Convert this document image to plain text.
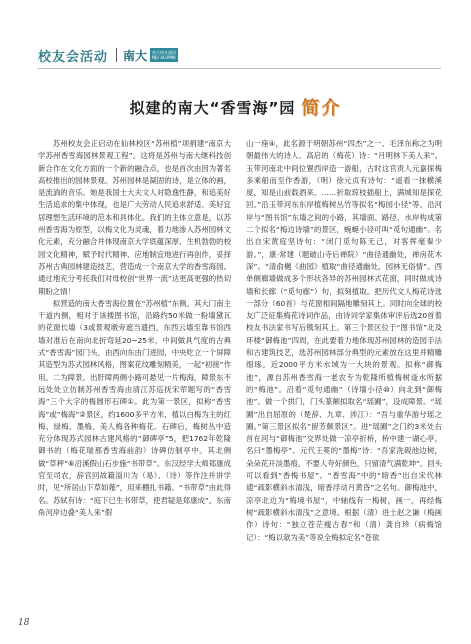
校友会活动 南大 南大校友通讯
NJU ALUMNI
拟建的南大“香雪海”园 简介

苏州校友会正启动在仙林校区“苏州植”项捐建“南京大学苏州香雪海园林景观工程”。这将是苏州与南大继科技创新合作在文化方面的一个新的融合点，也是首次由因为著名高校推出的园林景观。苏州园林是凝固的诗，是立体的画，是流淌的音乐。她是我国士大夫文人对隐逸性静，和追美好生活追求的集中体现，也是广大劳动人民追求舒适、美好宜居理想生活环境的范本和具体化。我们的主体立意是，以苏州香雪海为原型，以梅文化为灵魂，着力地渗入苏州园林文化元素，充分融合并体现南京大学底蕴深厚、生机勃勃的校园文化精神，赋予时代精神、应地制宜地进行再创作，妥择苏州古典园林建造技艺，营造成一个南京大学的香雪海园。通过地充分考托我们对母校创“世界一流”达更高更强的热切期盼之情！

拟营造的南大香雪海位置在“苏州植”东侧。其大门南主干道内侧，相对于该楼图书馆，沿路约50米做一粉墙黛瓦的花窗长墙（3或景观墩旁遮当遗挡，东西云墙至靠书馆西墙对准后在南向北折弯延20~25米，中间做具气度的古典式“香雪海”园门头，由西向东由门进园，中央吃立一个屏障其造型为苏式园林风格，图案花纹雕刻精美，一起“初接”作用。二为障景。出肝障两侧小路可悬见一片梅海，障景东不远处处立仿制苏州香雪海由清江苏巡抚宋荦题写的“香雪海”三个大字的梅圆形石碑①。此为第一景区，拟称“香雪海”或“梅海”②景区，约1600多平方米，植以白梅为主的红梅、绿梅、墨梅、美人梅各种梅花。石碑后，梅树丛中造 充分体现苏式园林古建风格的“御碑亭”5，把1762年乾隆御书的（梅花瑞那香雪海前韵）诗碑仿制亭中。其北侧做“草秤”⑥沿溪假山石步施“书带草”。东汉经学大师郑康成官至司农，辞官回故籍淄川为（易）、（诗）等作注并讲学时，见“所居山下草如薤”，用来棚扎书籍。“书带草”由此得名。苏轼有诗：“庭下已生书带草，使君疑是郑康成”。东南角河岸边叠“美人来”假

山一座④，此名源于明朝苏州“四杰”之一、毛泽东称之为明朝最伟大的诗人、高启的（梅花）诗：“月明林下美人来”。玉带河南北中间位置西岸造一游船，古时这官责人元嘉探梅多乘船而至作香游，（明）徐元贞有诗句：“遥看一抹横溪度，知是山前载酒来。……折取琼枝插船上，满城知是探花回。”沿玉带河东东岸植梅树丛竹等拟名“梅园小径”等。沿河岸与“图书馆”东墙之间的小路，其墙面、路径、水岸构成第二个拟名“梅边诗墙”的景区，蜿蜒小径可叫“觅句通幽”。名出自宋黄庭坚诗句：“闭门觅句陈无己，对客挥毫秦少游。”，康·常建（题破山寺后禅院）“曲径通幽处，禅房花木深”。“清俞樾《曲园》植取“曲径通幽处，园林无俗情”。西单侧廊墙做成多个形状各异的苏州园林式花窗，同时做成诗墙和长廊（“觅句廊”）句，拟刻植取。把历代文人梅花诗选一部分（60首）与花窗相间隔地雕刻其上。同时向全球的校友广泛征集梅花诗词作品，由诗词学家集体审评后选20首着校友书法家书写后镌刻其上。第三个景区位于“图书馆”北及环楼“御梅池”四周，在此要着力地体现苏州园林的造园手法和古建筑技艺，选苏州园林部分典型的元素放在这里并精雕细琢。近2000平方米水域为一大块的景观。拟称“御梅池”，源自苏州香雪海一老农专为乾隆所植梅树逢水所据的“梅池”。沿着“觅句通幽”（诗墙小径⑩）向北到“御梅池”。做一个拱门，门头篆额拟取名“瑶圃”，设成障景。“瑶圃”出自屈原的（楚辞、九章、涉江）：“吾与重华游兮瑶之圃。”第三景区拟名“留芳颇景区”。进“瑶圃”之门约3米处右首在河与“御梅池”交界处做一凉亭折桥，桥中建一湖心亭，名曰“墨梅亭”。元代王冕的“墨梅”诗：“吾家洗砚池边树，朵朵花开淡墨痕。不要人夸好颜色，只留清气满乾坤”。回头可以看到“香梅书屋”。“香雪海”中的“暗香”出自宋代林逋“疏影横斜水清浅，暗香浮动月黄昏”之名句。御梅池中，凉亭北边为“梅境书屋”，中轴线有一梅树，画一。再经梅树“疏影横斜水清浅”之意境。根据（清）进士赵之谦（梅画作）诗句：“独立苍茫瘦古春”和（清）龚自珍（病梅馆记）：“梅以欹为美”等说全梅拟定名“苍欲

18
